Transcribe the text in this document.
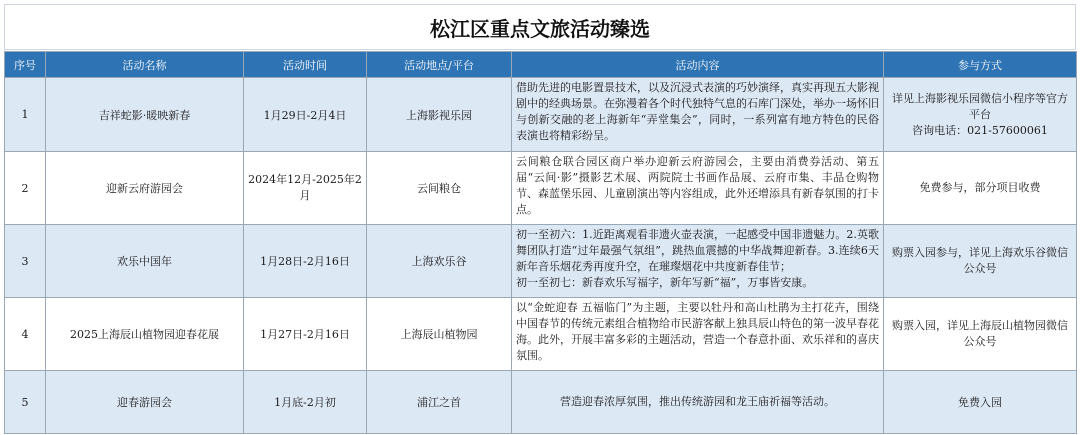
松江区重点文旅活动臻选
序号	活动名称	活动时间	活动地点/平台	活动内容	参与方式
1	吉祥蛇影·暖映新春	1月29日-2月4日	上海影视乐园	借助先进的电影置景技术，以及沉浸式表演的巧妙演绎，真实再现五大影视剧中的经典场景。在弥漫着各个时代独特气息的石库门深处，举办一场怀旧与创新交融的老上海新年“弄堂集会”，同时，一系列富有地方特色的民俗表演也将精彩纷呈。	详见上海影视乐园微信小程序等官方平台
咨询电话：021-57600061

2	迎新云府游园会	2024年12月-2025年2月	云间粮仓	云间粮仓联合园区商户举办迎新云府游园会，主要由消费券活动、第五届“云间·影”摄影艺术展、两院院士书画作品展、云府市集、丰品仓购物节、森蓝堡乐园、儿童剧演出等内容组成，此外还增添具有新春氛围的打卡点。	免费参与，部分项目收费

3	欢乐中国年	1月28日-2月16日	上海欢乐谷	初一至初六：1.近距离观看非遗火壶表演，一起感受中国非遗魅力。2.英歌舞团队打造“过年最强气氛组”，跳热血震撼的中华战舞迎新春。3.连续6天新年音乐烟花秀再度升空，在璀璨烟花中共度新春佳节；
初一至初七：新春欢乐写福字，新年写新“福”，万事皆安康。	购票入园参与，详见上海欢乐谷微信公众号

4	2025上海辰山植物园迎春花展	1月27日-2月16日	上海辰山植物园	以“金蛇迎春 五福临门”为主题，主要以牡丹和高山杜鹃为主打花卉，围绕中国春节的传统元素组合植物给市民游客献上独具辰山特色的第一波早春花海。此外，开展丰富多彩的主题活动，营造一个春意扑面、欢乐祥和的喜庆氛围。	购票入园，详见上海辰山植物园微信公众号

5	迎春游园会	1月底-2月初	浦江之首	营造迎春浓厚氛围，推出传统游园和龙王庙祈福等活动。	免费入园
